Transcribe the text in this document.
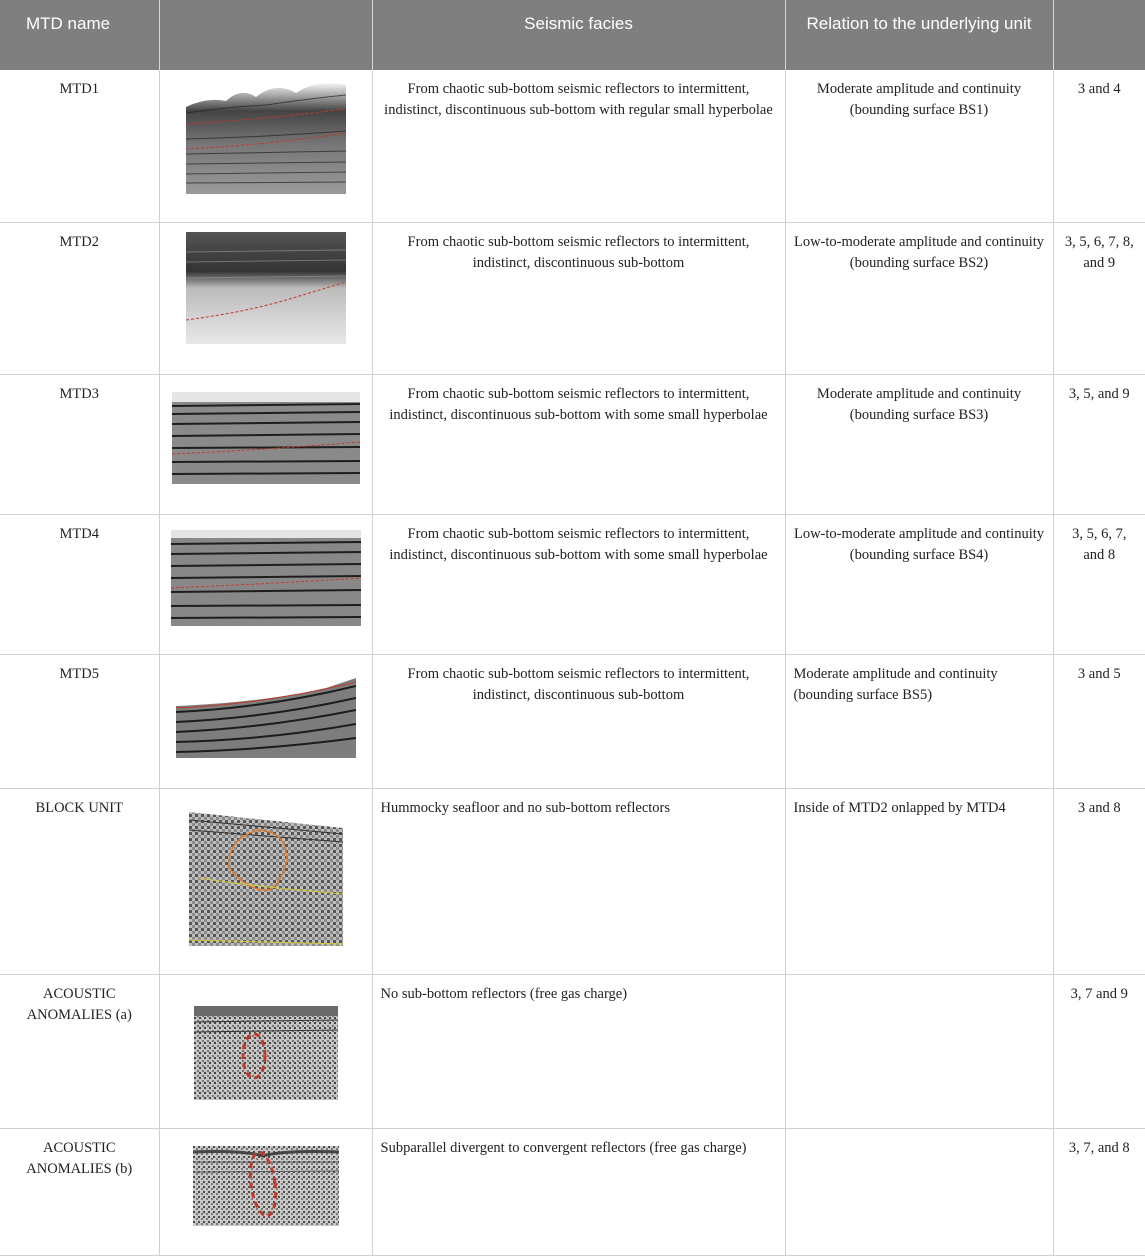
MTD name		Seismic facies	Relation to the underlying unit	
MTD1		From chaotic sub-bottom seismic reflectors to intermittent, indistinct, discontinuous sub-bottom with regular small hyperbolae	Moderate amplitude and continuity (bounding surface BS1)	3 and 4
MTD2		From chaotic sub-bottom seismic reflectors to intermittent, indistinct, discontinuous sub-bottom	Low-to-moderate amplitude and continuity (bounding surface BS2)	3, 5, 6, 7, 8, and 9
MTD3		From chaotic sub-bottom seismic reflectors to intermittent, indistinct, discontinuous sub-bottom with some small hyperbolae	Moderate amplitude and continuity (bounding surface BS3)	3, 5, and 9
MTD4		From chaotic sub-bottom seismic reflectors to intermittent, indistinct, discontinuous sub-bottom with some small hyperbolae	Low-to-moderate amplitude and continuity (bounding surface BS4)	3, 5, 6, 7, and 8
MTD5		From chaotic sub-bottom seismic reflectors to intermittent, indistinct, discontinuous sub-bottom	Moderate amplitude and continuity (bounding surface BS5)	3 and 5
BLOCK UNIT		Hummocky seafloor and no sub-bottom reflectors	Inside of MTD2 onlapped by MTD4	3 and 8
ACOUSTIC ANOMALIES (a)		No sub-bottom reflectors (free gas charge)		3, 7 and 9
ACOUSTIC ANOMALIES (b)		Subparallel divergent to convergent reflectors (free gas charge)		3, 7, and 8
